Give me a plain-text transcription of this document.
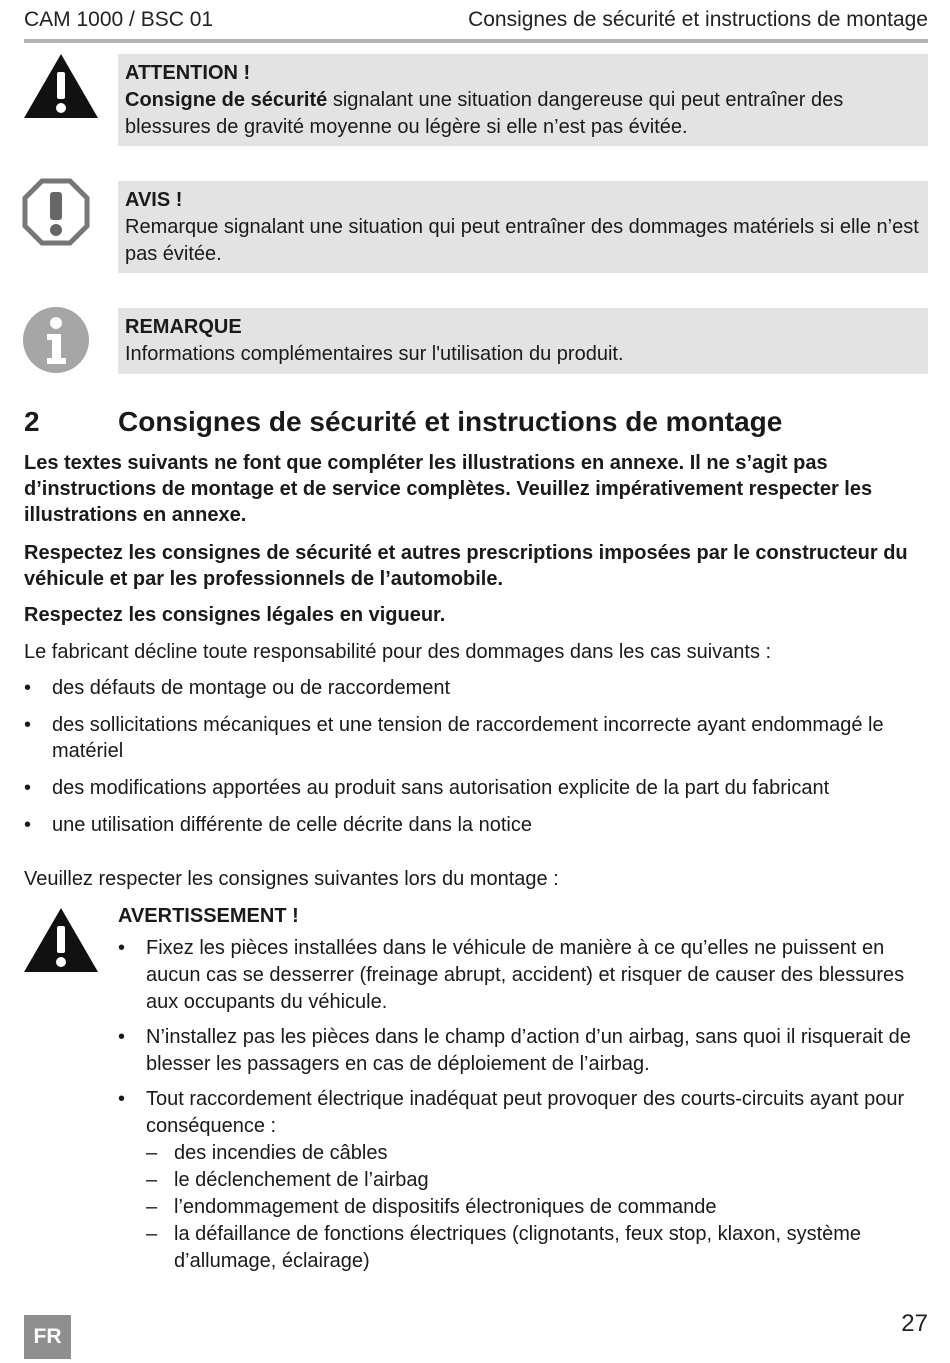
CAM 1000 / BSC 01	Consignes de sécurité et instructions de montage
ATTENTION !
Consigne de sécurité signalant une situation dangereuse qui peut entraîner des blessures de gravité moyenne ou légère si elle n’est pas évitée.
AVIS !
Remarque signalant une situation qui peut entraîner des dommages matériels si elle n’est pas évitée.
REMARQUE
Informations complémentaires sur l'utilisation du produit.
2	Consignes de sécurité et instructions de montage
Les textes suivants ne font que compléter les illustrations en annexe. Il ne s’agit pas d’instructions de montage et de service complètes. Veuillez impérativement respecter les illustrations en annexe.
Respectez les consignes de sécurité et autres prescriptions imposées par le constructeur du véhicule et par les professionnels de l’automobile.
Respectez les consignes légales en vigueur.
Le fabricant décline toute responsabilité pour des dommages dans les cas suivants :
• des défauts de montage ou de raccordement
• des sollicitations mécaniques et une tension de raccordement incorrecte ayant endommagé le matériel
• des modifications apportées au produit sans autorisation explicite de la part du fabricant
• une utilisation différente de celle décrite dans la notice
Veuillez respecter les consignes suivantes lors du montage :
AVERTISSEMENT !
• Fixez les pièces installées dans le véhicule de manière à ce qu’elles ne puissent en aucun cas se desserrer (freinage abrupt, accident) et risquer de causer des blessures aux occupants du véhicule.
• N’installez pas les pièces dans le champ d’action d’un airbag, sans quoi il risquerait de blesser les passagers en cas de déploiement de l’airbag.
• Tout raccordement électrique inadéquat peut provoquer des courts-circuits ayant pour conséquence :
– des incendies de câbles
– le déclenchement de l’airbag
– l’endommagement de dispositifs électroniques de commande
– la défaillance de fonctions électriques (clignotants, feux stop, klaxon, système d’allumage, éclairage)
FR	27
